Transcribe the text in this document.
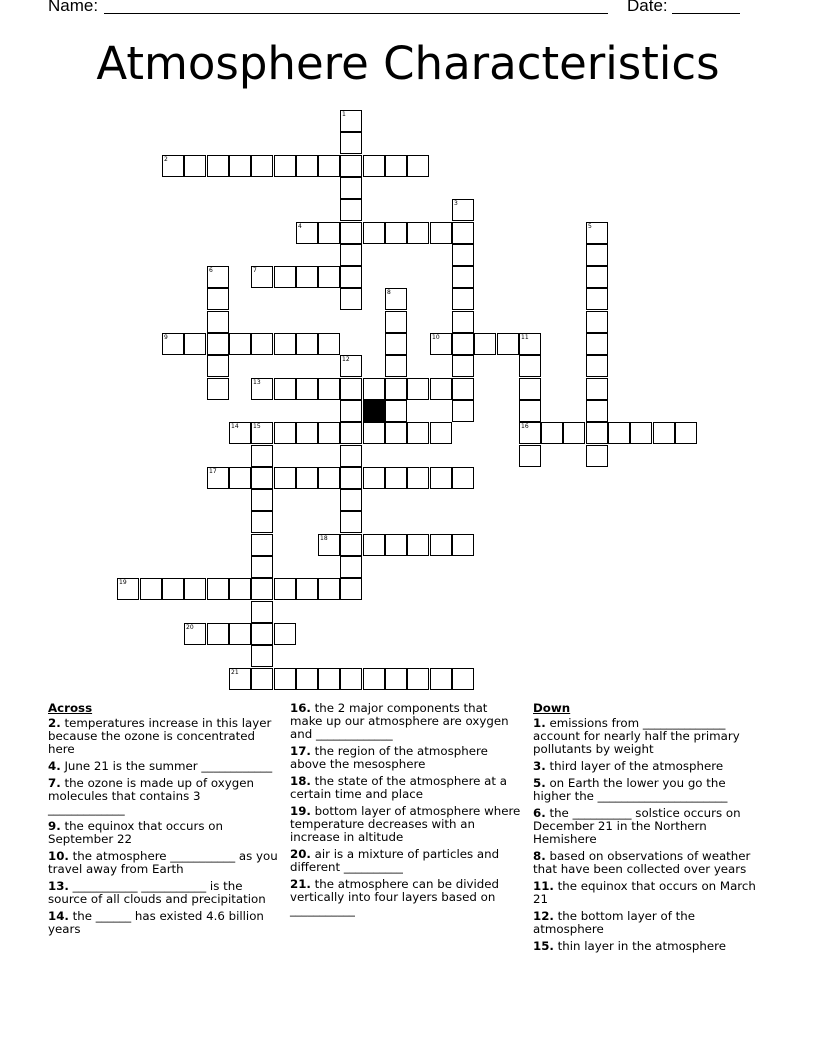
Name:	Date:
Atmosphere Characteristics
1
2
3
4	5
6	7
8
9	10	11
12
13
14 15	16
17
18
19
20
21
Across
2. temperatures increase in this layer because the ozone is concentrated here
4. June 21 is the summer ____________
7. the ozone is made up of oxygen molecules that contains 3 _____________
9. the equinox that occurs on September 22
10. the atmosphere ___________ as you travel away from Earth
13. ___________ ___________ is the source of all clouds and precipitation
14. the ______ has existed 4.6 billion years
16. the 2 major components that make up our atmosphere are oxygen and _____________
17. the region of the atmosphere above the mesosphere
18. the state of the atmosphere at a certain time and place
19. bottom layer of atmosphere where temperature decreases with an increase in altitude
20. air is a mixture of particles and different __________
21. the atmosphere can be divided vertically into four layers based on ___________
Down
1. emissions from ______________ account for nearly half the primary pollutants by weight
3. third layer of the atmosphere
5. on Earth the lower you go the higher the ______________________
6. the __________ solstice occurs on December 21 in the Northern Hemishere
8. based on observations of weather that have been collected over years
11. the equinox that occurs on March 21
12. the bottom layer of the atmosphere
15. thin layer in the atmosphere
